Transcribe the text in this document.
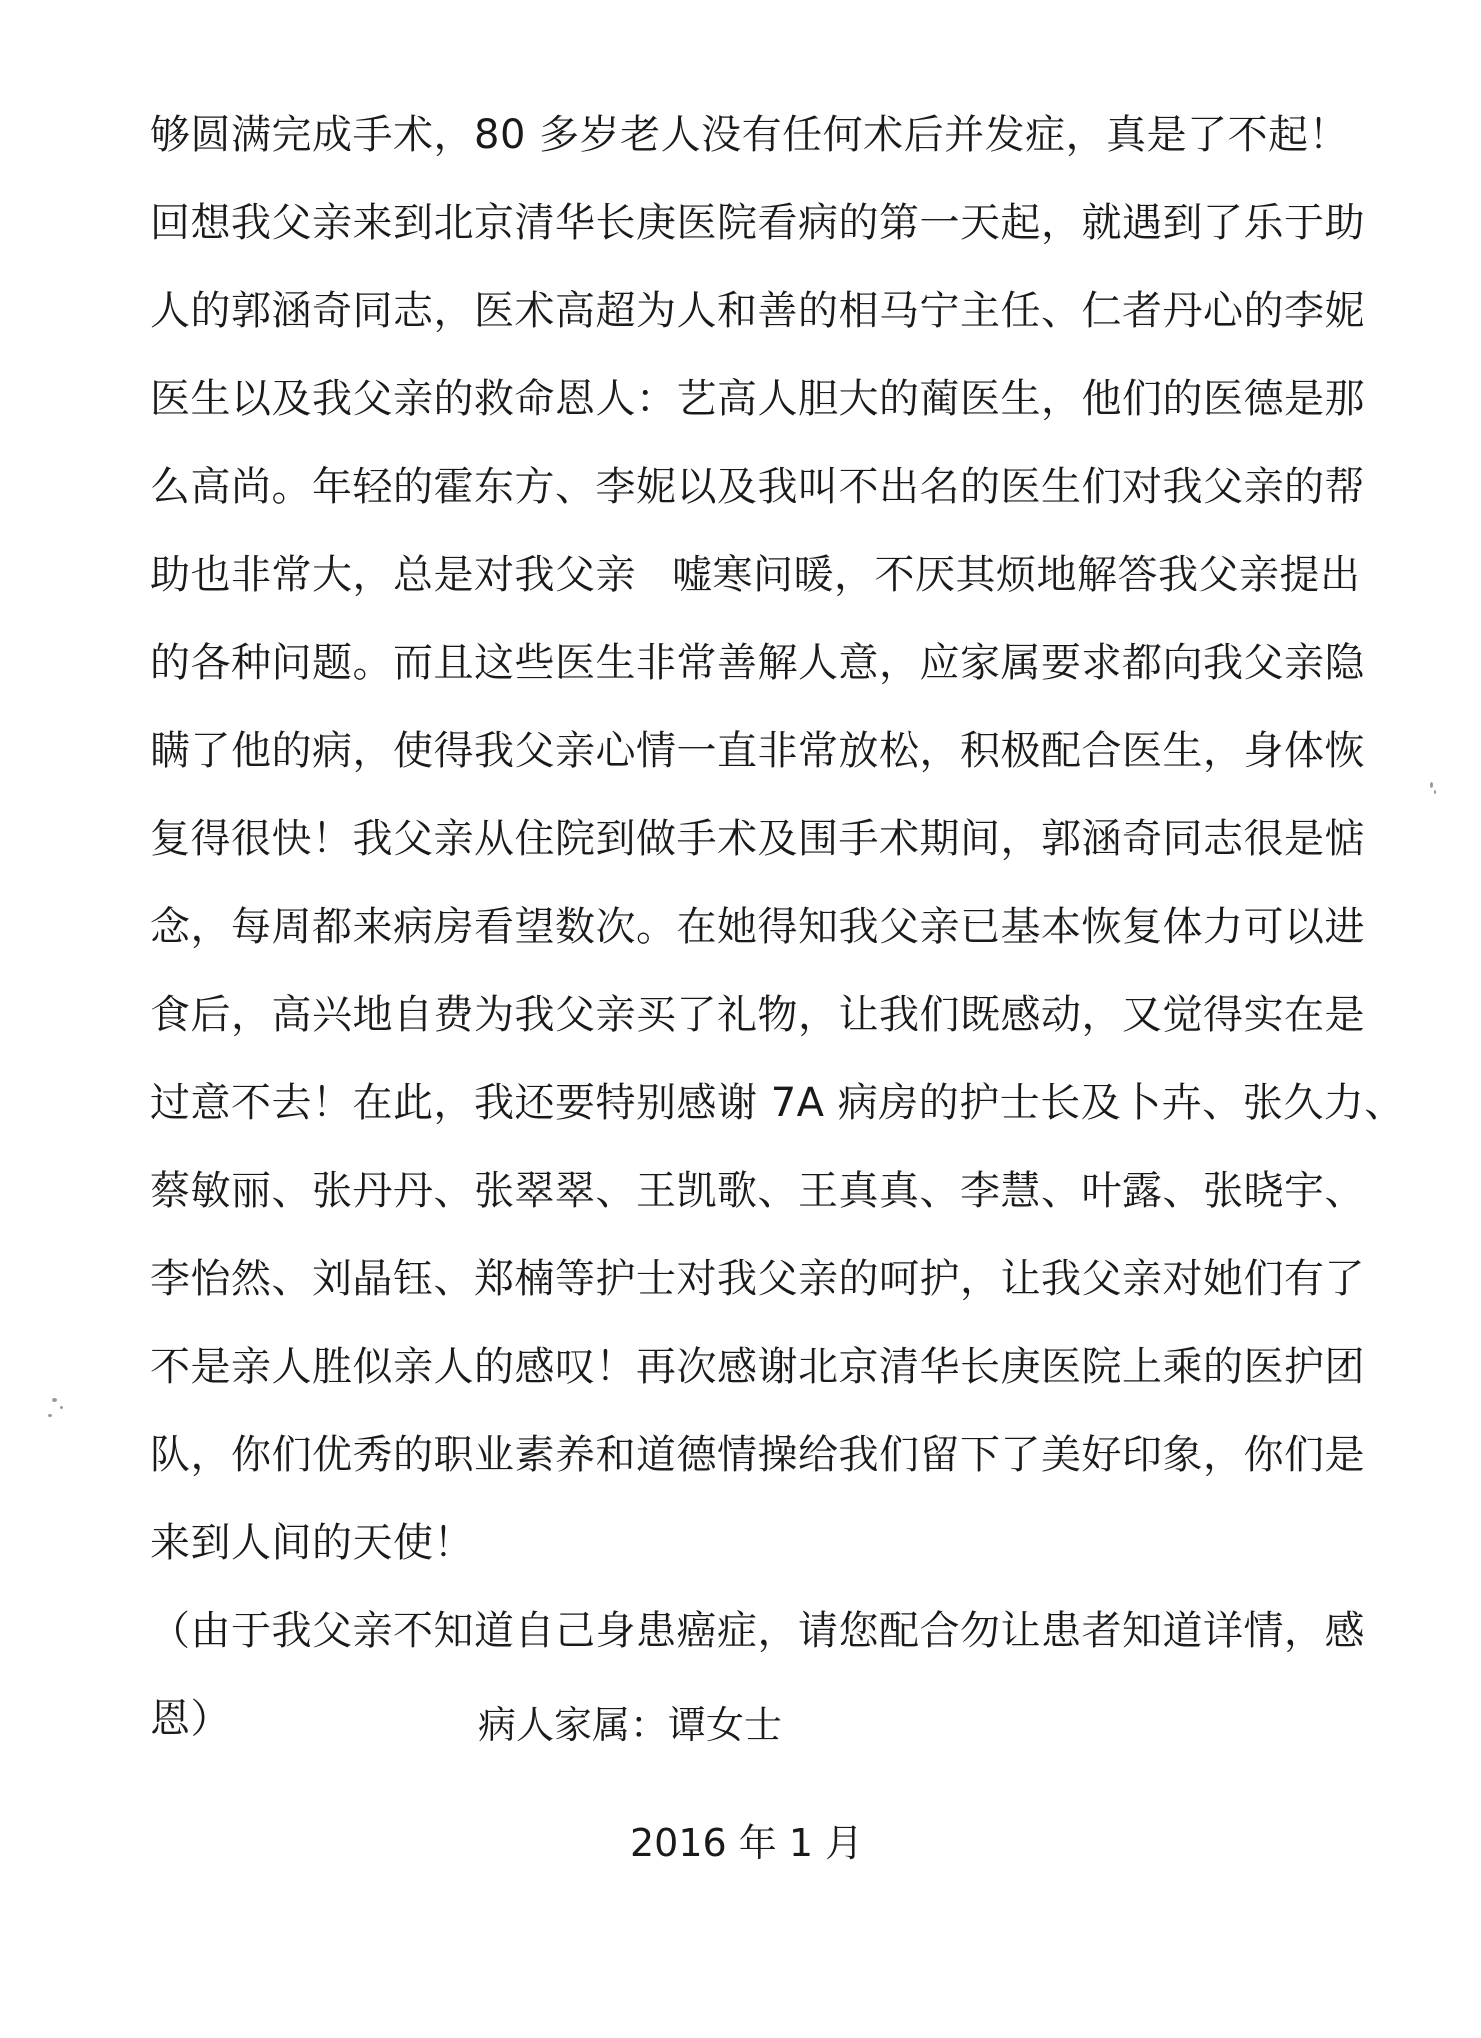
够圆满完成手术，80 多岁老人没有任何术后并发症，真是了不起！
回想我父亲来到北京清华长庚医院看病的第一天起，就遇到了乐于助
人的郭涵奇同志，医术高超为人和善的相马宁主任、仁者丹心的李妮
医生以及我父亲的救命恩人：艺高人胆大的蔺医生，他们的医德是那
么高尚。年轻的霍东方、李妮以及我叫不出名的医生们对我父亲的帮
助也非常大，总是对我父亲 嘘寒问暖，不厌其烦地解答我父亲提出
的各种问题。而且这些医生非常善解人意，应家属要求都向我父亲隐
瞒了他的病，使得我父亲心情一直非常放松，积极配合医生，身体恢
复得很快！我父亲从住院到做手术及围手术期间，郭涵奇同志很是惦
念，每周都来病房看望数次。在她得知我父亲已基本恢复体力可以进
食后，高兴地自费为我父亲买了礼物，让我们既感动，又觉得实在是
过意不去！在此，我还要特别感谢 7A 病房的护士长及卜卉、张久力、
蔡敏丽、张丹丹、张翠翠、王凯歌、王真真、李慧、叶露、张晓宇、
李怡然、刘晶钰、郑楠等护士对我父亲的呵护，让我父亲对她们有了
不是亲人胜似亲人的感叹！再次感谢北京清华长庚医院上乘的医护团
队，你们优秀的职业素养和道德情操给我们留下了美好印象，你们是
来到人间的天使！
（由于我父亲不知道自己身患癌症，请您配合勿让患者知道详情，感
恩）	病人家属：谭女士
2016 年 1 月
